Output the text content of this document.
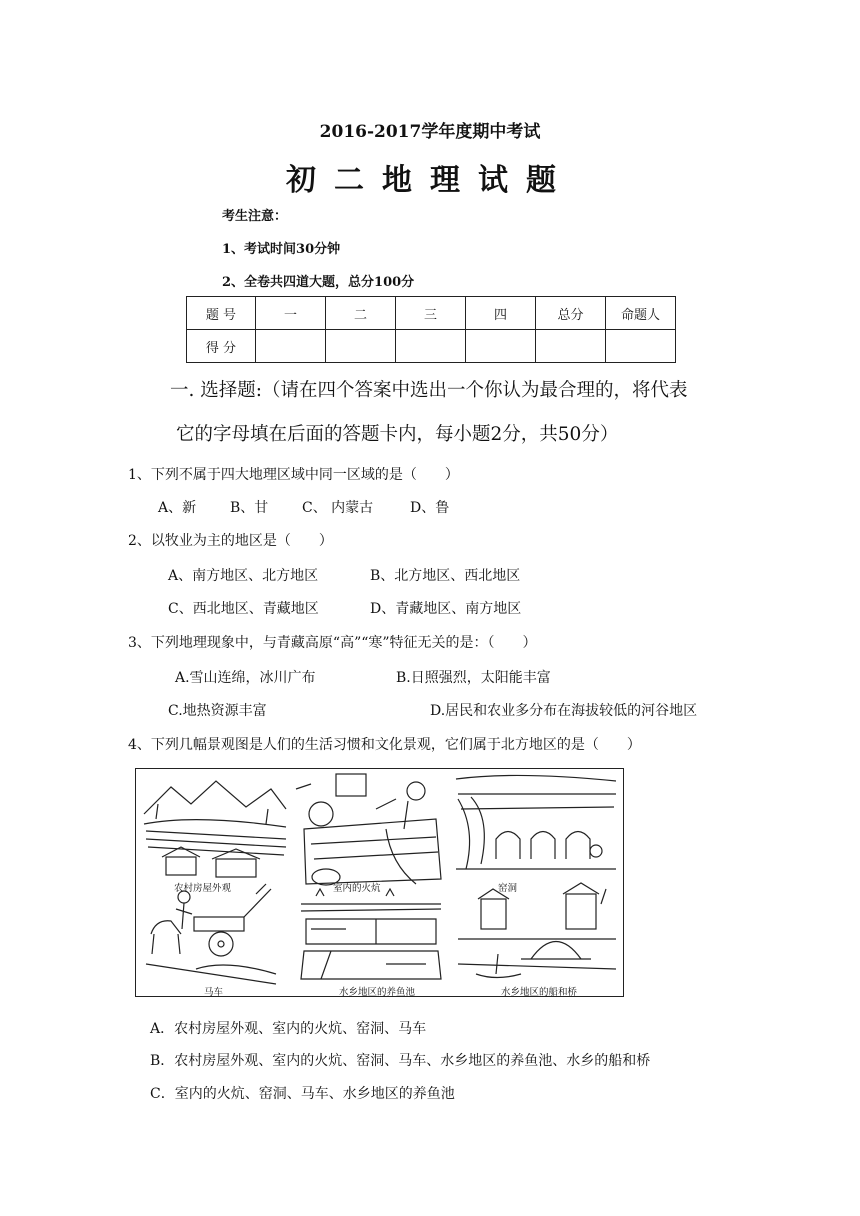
2016-2017学年度期中考试
初二地理试题
考生注意：
1、考试时间30分钟
2、全卷共四道大题，总分100分
题 号	一	二	三	四	总分	命题人
得 分						
一. 选择题:（请在四个答案中选出一个你认为最合理的，将代表
它的字母填在后面的答题卡内，每小题2分，共50分）
1、下列不属于四大地理区域中同一区域的是（　　）
A、新 B、甘 C、 内蒙古	D、鲁
2、以牧业为主的地区是（　　）
A、南方地区、北方地区	B、北方地区、西北地区
C、西北地区、青藏地区	D、青藏地区、南方地区
3、下列地理现象中，与青藏高原“高”“寒”特征无关的是：（　　）
A.雪山连绵，冰川广布	B.日照强烈，太阳能丰富
C.地热资源丰富	D.居民和农业多分布在海拔较低的河谷地区
4、下列几幅景观图是人们的生活习惯和文化景观，它们属于北方地区的是（　　）
农村房屋外观	室内的火炕	窑洞
马车	水乡地区的养鱼池	水乡地区的船和桥
A．农村房屋外观、室内的火炕、窑洞、马车
B．农村房屋外观、室内的火炕、窑洞、马车、水乡地区的养鱼池、水乡的船和桥
C．室内的火炕、窑洞、马车、水乡地区的养鱼池
